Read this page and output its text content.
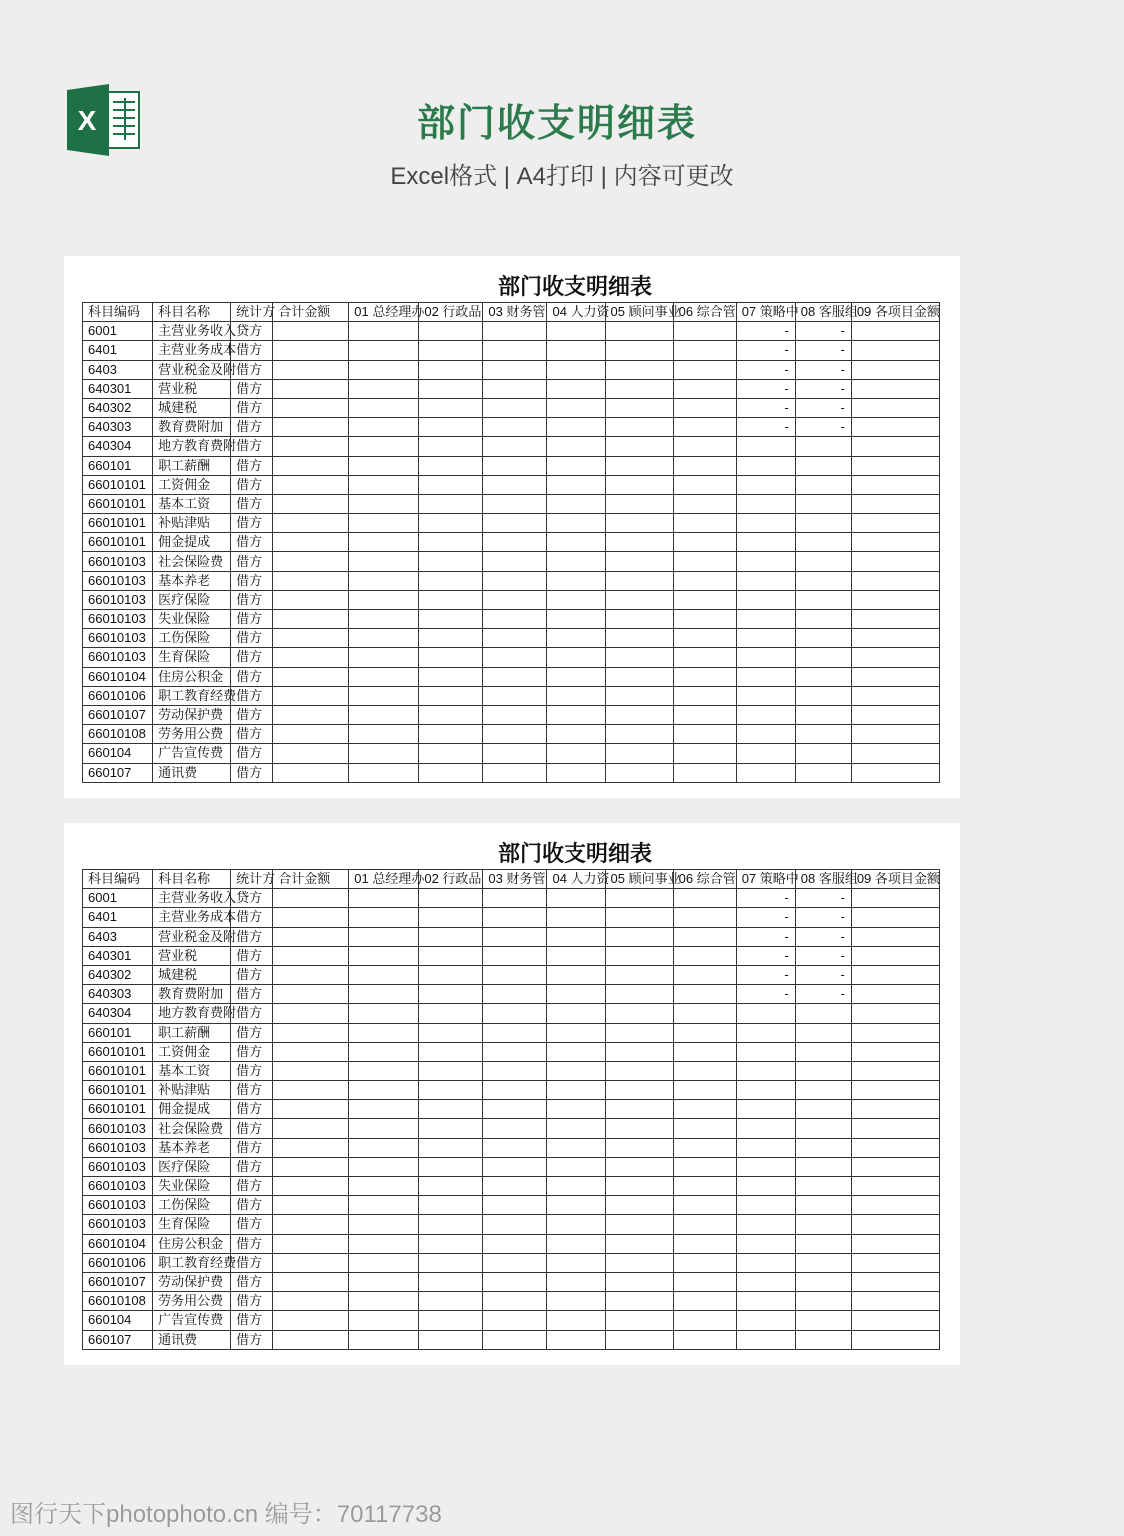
X	部门收支明细表
Excel格式 | A4打印 | 内容可更改
部门收支明细表
科目编码	科目名称	统计方	合计金额	01 总经理办	02 行政品	03 财务管	04 人力资	05 顾问事业	06 综合管	07 策略中	08 客服组	09 各项目金额
6001	主营业务收入	贷方								-	-	
6401	主营业务成本	借方								-	-	
6403	营业税金及附	借方								-	-	
640301	营业税	借方								-	-	
640302	城建税	借方								-	-	
640303	教育费附加	借方								-	-	
640304	地方教育费附	借方										
660101	职工薪酬	借方										
66010101	工资佣金	借方										
66010101	基本工资	借方										
66010101	补贴津贴	借方										
66010101	佣金提成	借方										
66010103	社会保险费	借方										
66010103	基本养老	借方										
66010103	医疗保险	借方										
66010103	失业保险	借方										
66010103	工伤保险	借方										
66010103	生育保险	借方										
66010104	住房公积金	借方										
66010106	职工教育经费	借方										
66010107	劳动保护费	借方										
66010108	劳务用公费	借方										
660104	广告宣传费	借方										
660107	通讯费	借方										
部门收支明细表
科目编码	科目名称	统计方	合计金额	01 总经理办	02 行政品	03 财务管	04 人力资	05 顾问事业	06 综合管	07 策略中	08 客服组	09 各项目金额
6001	主营业务收入	贷方								-	-	
6401	主营业务成本	借方								-	-	
6403	营业税金及附	借方								-	-	
640301	营业税	借方								-	-	
640302	城建税	借方								-	-	
640303	教育费附加	借方								-	-	
640304	地方教育费附	借方										
660101	职工薪酬	借方										
66010101	工资佣金	借方										
66010101	基本工资	借方										
66010101	补贴津贴	借方										
66010101	佣金提成	借方										
66010103	社会保险费	借方										
66010103	基本养老	借方										
66010103	医疗保险	借方										
66010103	失业保险	借方										
66010103	工伤保险	借方										
66010103	生育保险	借方										
66010104	住房公积金	借方										
66010106	职工教育经费	借方										
66010107	劳动保护费	借方										
66010108	劳务用公费	借方										
660104	广告宣传费	借方										
660107	通讯费	借方										
图行天下photophoto.cn 编号：70117738
